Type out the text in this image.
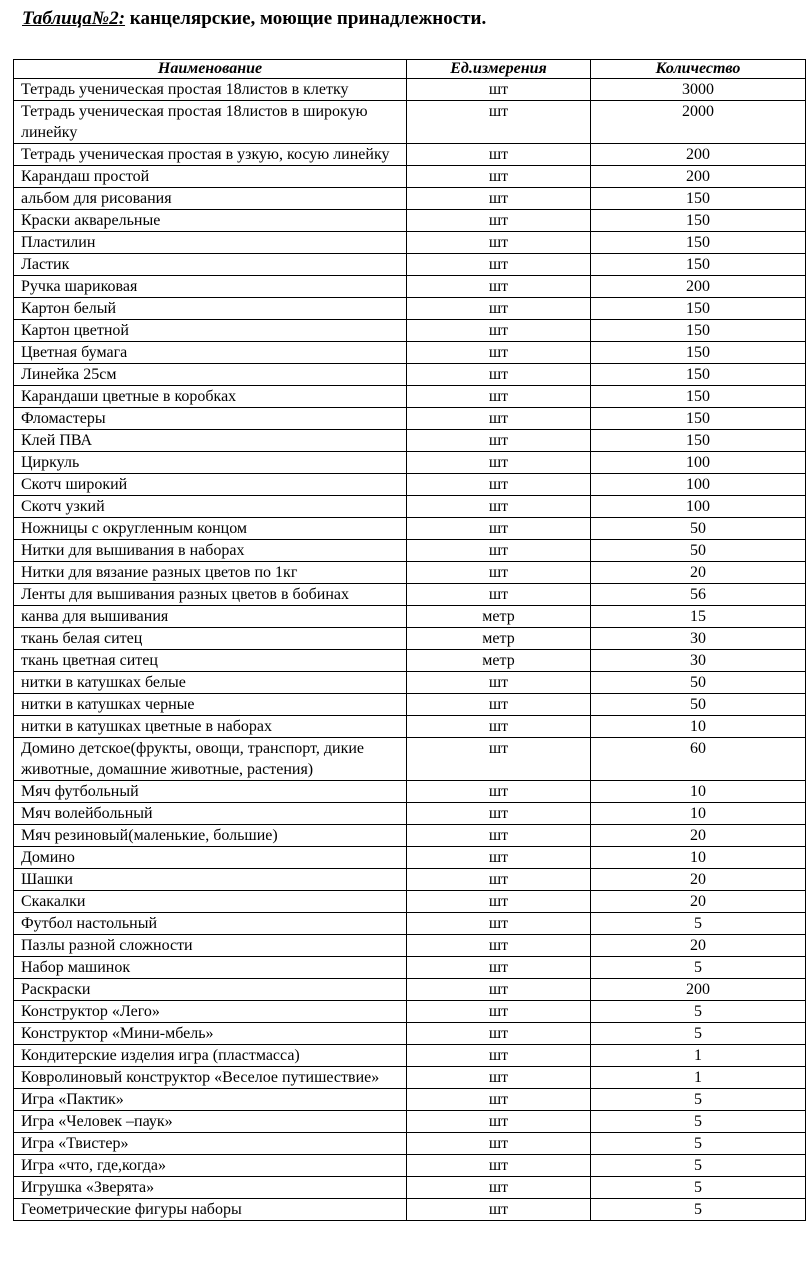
Таблица№2: канцелярские, моющие принадлежности.
Наименование	Ед.измерения	Количество
Тетрадь ученическая простая 18листов в клетку	шт	3000
Тетрадь ученическая простая 18листов в широкую линейку	шт	2000
Тетрадь ученическая простая в узкую, косую линейку	шт	200
Карандаш простой	шт	200
альбом для рисования	шт	150
Краски акварельные	шт	150
Пластилин	шт	150
Ластик	шт	150
Ручка шариковая	шт	200
Картон белый	шт	150
Картон цветной	шт	150
Цветная бумага	шт	150
Линейка 25см	шт	150
Карандаши цветные в коробках	шт	150
Фломастеры	шт	150
Клей ПВА	шт	150
Циркуль	шт	100
Скотч широкий	шт	100
Скотч узкий	шт	100
Ножницы с округленным концом	шт	50
Нитки для вышивания в наборах	шт	50
Нитки для вязание разных цветов по 1кг	шт	20
Ленты для вышивания разных цветов в бобинах	шт	56
канва для вышивания	метр	15
ткань белая ситец	метр	30
ткань цветная ситец	метр	30
нитки в катушках белые	шт	50
нитки в катушках черные	шт	50
нитки в катушках цветные в наборах	шт	10
Домино детское(фрукты, овощи, транспорт, дикие животные, домашние животные, растения)	шт	60
Мяч футбольный	шт	10
Мяч волейбольный	шт	10
Мяч резиновый(маленькие, большие)	шт	20
Домино	шт	10
Шашки	шт	20
Скакалки	шт	20
Футбол настольный	шт	5
Пазлы разной сложности	шт	20
Набор машинок	шт	5
Раскраски	шт	200
Конструктор «Лего»	шт	5
Конструктор «Мини-мбель»	шт	5
Кондитерские изделия игра (пластмасса)	шт	1
Ковролиновый конструктор «Веселое путишествие»	шт	1
Игра «Пактик»	шт	5
Игра «Человек –паук»	шт	5
Игра «Твистер»	шт	5
Игра «что, где,когда»	шт	5
Игрушка «Зверята»	шт	5
Геометрические фигуры наборы	шт	5
